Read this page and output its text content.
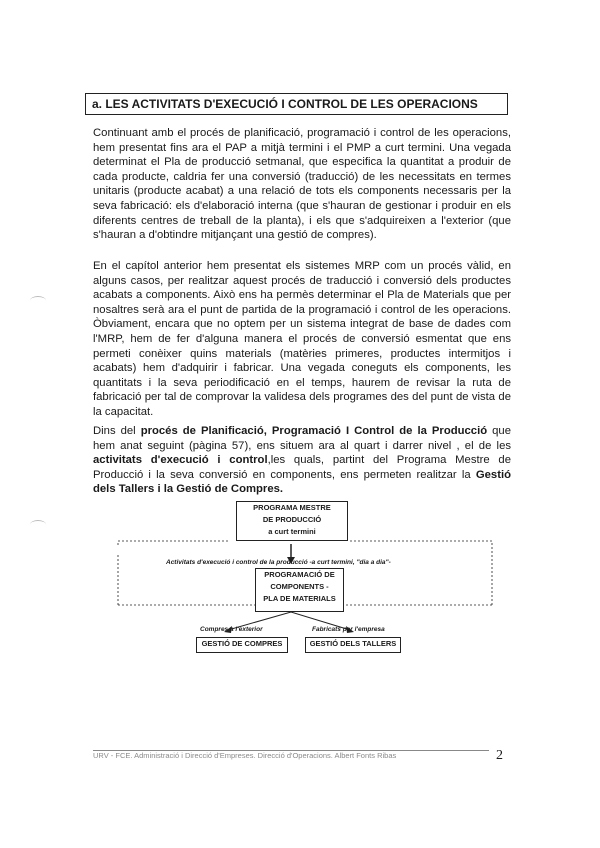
a. LES ACTIVITATS D'EXECUCIÓ I CONTROL DE LES OPERACIONS

Continuant amb el procés de planificació, programació i control de les operacions, hem presentat fins ara el PAP a mitjà termini i el PMP a curt termini. Una vegada determinat el Pla de producció setmanal, que especifica la quantitat a produir de cada producte, caldria fer una conversió (traducció) de les necessitats en termes unitaris (producte acabat) a una relació de tots els components necessaris per la seva fabricació: els d'elaboració interna (que s'hauran de gestionar i produir en els diferents centres de treball de la planta), i els que s'adquireixen a l'exterior (que s'hauran a d'obtindre mitjançant una gestió de compres).

En el capítol anterior hem presentat els sistemes MRP com un procés vàlid, en alguns casos, per realitzar aquest procés de traducció i conversió dels productes acabats a components. Això ens ha permès determinar el Pla de Materials que per nosaltres serà ara el punt de partida de la programació i control de les operacions. Òbviament, encara que no optem per un sistema integrat de base de dades com l'MRP, hem de fer d'alguna manera el procés de conversió esmentat que ens permeti conèixer quins materials (matèries primeres, productes intermitjos i acabats) hem d'adquirir i fabricar. Una vegada coneguts els components, les quantitats i la seva periodificació en el temps, haurem de revisar la ruta de fabricació per tal de comprovar la validesa dels programes des del punt de vista de la capacitat.

Dins del procés de Planificació, Programació I Control de la Producció que hem anat seguint (pàgina 57), ens situem ara al quart i darrer nivel , el de les activitats d'execució i control,les quals, partint del Programa Mestre de Producció i la seva conversió en components, ens permeten realitzar la Gestió dels Tallers i la Gestió de Compres.

PROGRAMA MESTRE
DE PRODUCCIÓ
a curt termini
Activitats d'execució i control de la producció -a curt termini, "dia a dia"-
PROGRAMACIÓ DE
COMPONENTS -
PLA DE MATERIALS
Compres a l'exterior	Fabricats per l'empresa
GESTIÓ DE COMPRES	GESTIÓ DELS TALLERS
URV - FCE. Administració i Direcció d'Empreses. Direcció d'Operacions. Albert Fonts Ribas	2
